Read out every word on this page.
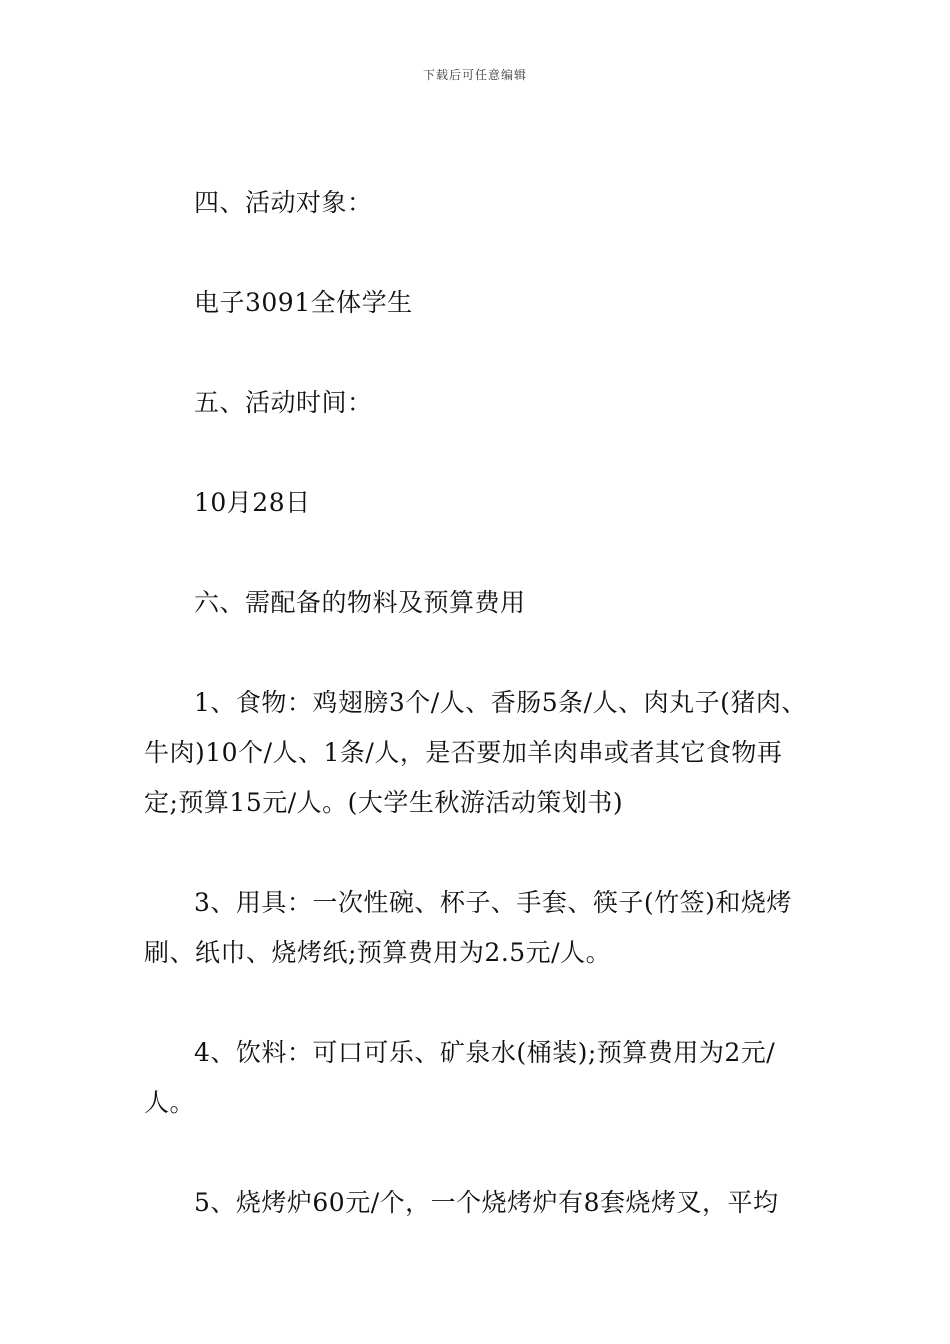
下载后可任意编辑

四、活动对象：

电子3091全体学生

五、活动时间：

10月28日

六、需配备的物料及预算费用

1、食物：鸡翅膀3个/人、香肠5条/人、肉丸子(猪肉、牛肉)10个/人、1条/人，是否要加羊肉串或者其它食物再定;预算15元/人。(大学生秋游活动策划书)

3、用具：一次性碗、杯子、手套、筷子(竹签)和烧烤刷、纸巾、烧烤纸;预算费用为2.5元/人。

4、饮料：可口可乐、矿泉水(桶装);预算费用为2元/人。

5、烧烤炉60元/个，一个烧烤炉有8套烧烤叉，平均
